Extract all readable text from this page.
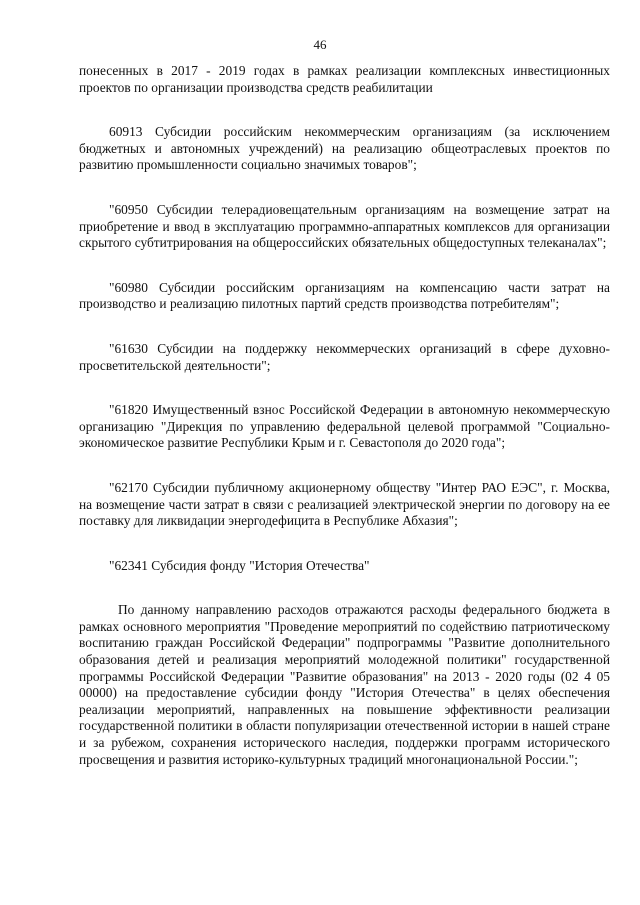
46

понесенных в 2017 - 2019 годах в рамках реализации комплексных инвестиционных проектов по организации производства средств реабилитации

60913 Субсидии российским некоммерческим организациям (за исключением бюджетных и автономных учреждений) на реализацию общеотраслевых проектов по развитию промышленности социально значимых товаров";

"60950 Субсидии телерадиовещательным организациям на возмещение затрат на приобретение и ввод в эксплуатацию программно-аппаратных комплексов для организации скрытого субтитрирования на общероссийских обязательных общедоступных телеканалах";

"60980 Субсидии российским организациям на компенсацию части затрат на производство и реализацию пилотных партий средств производства потребителям";

"61630 Субсидии на поддержку некоммерческих организаций в сфере духовно-просветительской деятельности";

"61820 Имущественный взнос Российской Федерации в автономную некоммерческую организацию "Дирекция по управлению федеральной целевой программой "Социально-экономическое развитие Республики Крым и г. Севастополя до 2020 года";

"62170 Субсидии публичному акционерному обществу "Интер РАО ЕЭС", г. Москва, на возмещение части затрат в связи с реализацией электрической энергии по договору на ее поставку для ликвидации энергодефицита в Республике Абхазия";

"62341 Субсидия фонду "История Отечества"

По данному направлению расходов отражаются расходы федерального бюджета в рамках основного мероприятия "Проведение мероприятий по содействию патриотическому воспитанию граждан Российской Федерации" подпрограммы "Развитие дополнительного образования детей и реализация мероприятий молодежной политики" государственной программы Российской Федерации "Развитие образования" на 2013 - 2020 годы (02 4 05 00000) на предоставление субсидии фонду "История Отечества" в целях обеспечения реализации мероприятий, направленных на повышение эффективности реализации государственной политики в области популяризации отечественной истории в нашей стране и за рубежом, сохранения исторического наследия, поддержки программ исторического просвещения и развития историко-культурных традиций многонациональной России.";
